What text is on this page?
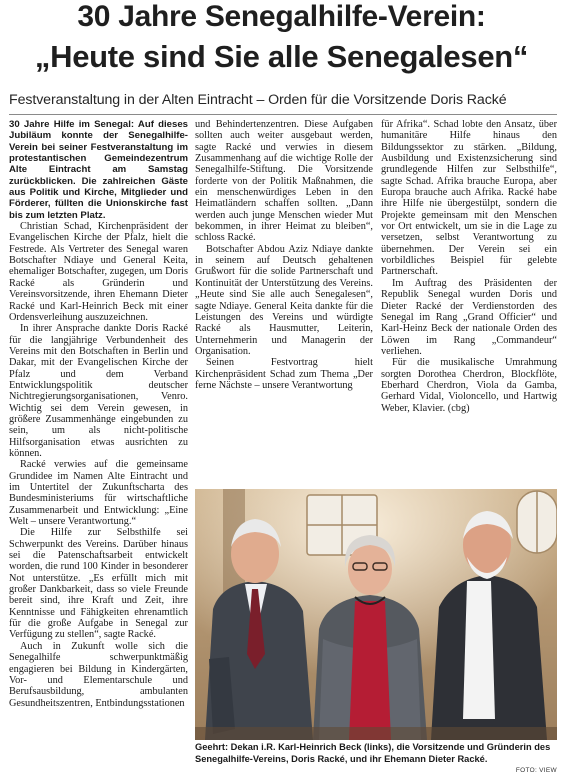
30 Jahre Senegalhilfe-Verein:
„Heute sind Sie alle Senegalesen“
Festveranstaltung in der Alten Eintracht – Orden für die Vorsitzende Doris Racké

30 Jahre Hilfe im Senegal: Auf dieses Jubiläum konnte der Senegalhilfe-Verein bei seiner Festveranstaltung im protestantischen Gemeindezentrum Alte Eintracht am Samstag zurückblicken. Die zahlreichen Gäste aus Politik und Kirche, Mitglieder und Förderer, füllten die Unionskirche fast bis zum letzten Platz.

Christian Schad, Kirchenpräsident der Evangelischen Kirche der Pfalz, hielt die Festrede. Als Vertreter des Senegal waren Botschafter Ndiaye und General Keita, ehemaliger Botschafter, zugegen, um Doris Racké als Gründerin und Vereinsvorsitzende, ihren Ehemann Dieter Racké und Karl-Heinrich Beck mit einer Ordensverleihung auszuzeichnen.

In ihrer Ansprache dankte Doris Racké für die langjährige Verbundenheit des Vereins mit den Botschaften in Berlin und Dakar, mit der Evangelischen Kirche der Pfalz und dem Verband Entwicklungspolitik deutscher Nichtregierungsorganisationen, Venro. Wichtig sei dem Verein gewesen, in größere Zusammenhänge eingebunden zu sein, um als nicht-politische Hilfsorganisation etwas ausrichten zu können.

Racké verwies auf die gemeinsame Grundidee im Namen Alte Eintracht und im Untertitel der Zukunftscharta des Bundesministeriums für wirtschaftliche Zusammenarbeit und Entwicklung: „Eine Welt – unsere Verantwortung.“

Die Hilfe zur Selbsthilfe sei Schwerpunkt des Vereins. Darüber hinaus sei die Patenschaftsarbeit entwickelt worden, die rund 100 Kinder in besonderer Not unterstütze. „Es erfüllt mich mit großer Dankbarkeit, dass so viele Freunde bereit sind, ihre Kraft und Zeit, ihre Kenntnisse und Fähigkeiten ehrenamtlich für die große Aufgabe in Senegal zur Verfügung zu stellen“, sagte Racké.

Auch in Zukunft wolle sich die Senegalhilfe schwerpunktmäßig engagieren bei Bildung in Kindergärten, Vor- und Elementarschule und Berufsausbildung, ambulanten Gesundheitszentren, Entbindungsstationen

und Behindertenzentren. Diese Aufgaben sollten auch weiter ausgebaut werden, sagte Racké und verwies in diesem Zusammenhang auf die wichtige Rolle der Senegalhilfe-Stiftung. Die Vorsitzende forderte von der Politik Maßnahmen, die ein menschenwürdiges Leben in den Heimatländern schaffen sollten. „Dann werden auch junge Menschen wieder Mut bekommen, in ihrer Heimat zu bleiben“, schloss Racké.

Botschafter Abdou Aziz Ndiaye dankte in seinem auf Deutsch gehaltenen Grußwort für die solide Partnerschaft und Kontinuität der Unterstützung des Vereins. „Heute sind Sie alle auch Senegalesen“, sagte Ndiaye. General Keita dankte für die Leistungen des Vereins und würdigte Racké als Hausmutter, Leiterin, Unternehmerin und Managerin der Organisation.

Seinen Festvortrag hielt Kirchenpräsident Schad zum Thema „Der ferne Nächste – unsere Verantwortung

für Afrika“. Schad lobte den Ansatz, über humanitäre Hilfe hinaus den Bildungssektor zu stärken. „Bildung, Ausbildung und Existenzsicherung sind grundlegende Hilfen zur Selbsthilfe“, sagte Schad. Afrika brauche Europa, aber Europa brauche auch Afrika. Racké habe ihre Hilfe nie übergestülpt, sondern die Projekte gemeinsam mit den Menschen vor Ort entwickelt, um sie in die Lage zu versetzen, selbst Verantwortung zu übernehmen. Der Verein sei ein vorbildliches Beispiel für gelebte Partnerschaft.

Im Auftrag des Präsidenten der Republik Senegal wurden Doris und Dieter Racké der Verdienstorden des Senegal im Rang „Grand Officier“ und Karl-Heinz Beck der nationale Orden des Löwen im Rang „Commandeur“ verliehen.

Für die musikalische Umrahmung sorgten Dorothea Cherdron, Blockflöte, Eberhard Cherdron, Viola da Gamba, Gerhard Vidal, Violoncello, und Hartwig Weber, Klavier. (cbg)

Geehrt: Dekan i.R. Karl-Heinrich Beck (links), die Vorsitzende und Gründerin des Senegalhilfe-Vereins, Doris Racké, und ihr Ehemann Dieter Racké.
FOTO: VIEW
